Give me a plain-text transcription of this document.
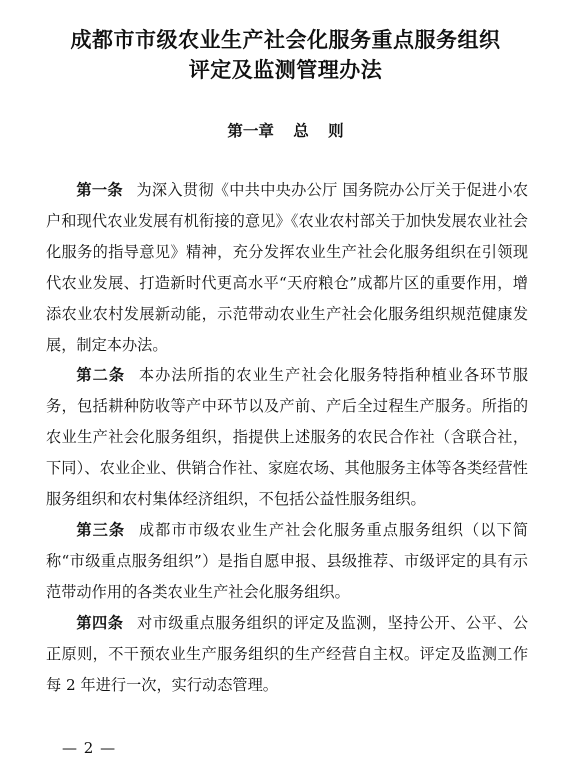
成都市市级农业生产社会化服务重点服务组织
评定及监测管理办法
第一章 总 则

第一条 为深入贯彻《中共中央办公厅 国务院办公厅关于促进小农户和现代农业发展有机衔接的意见》《农业农村部关于加快发展农业社会化服务的指导意见》精神，充分发挥农业生产社会化服务组织在引领现代农业发展、打造新时代更高水平“天府粮仓”成都片区的重要作用，增添农业农村发展新动能，示范带动农业生产社会化服务组织规范健康发展，制定本办法。

第二条 本办法所指的农业生产社会化服务特指种植业各环节服务，包括耕种防收等产中环节以及产前、产后全过程生产服务。所指的农业生产社会化服务组织，指提供上述服务的农民合作社（含联合社，下同）、农业企业、供销合作社、家庭农场、其他服务主体等各类经营性服务组织和农村集体经济组织，不包括公益性服务组织。

第三条 成都市市级农业生产社会化服务重点服务组织（以下简称“市级重点服务组织”）是指自愿申报、县级推荐、市级评定的具有示范带动作用的各类农业生产社会化服务组织。

第四条 对市级重点服务组织的评定及监测，坚持公开、公平、公正原则，不干预农业生产服务组织的生产经营自主权。评定及监测工作每 2 年进行一次，实行动态管理。

— 2 —
